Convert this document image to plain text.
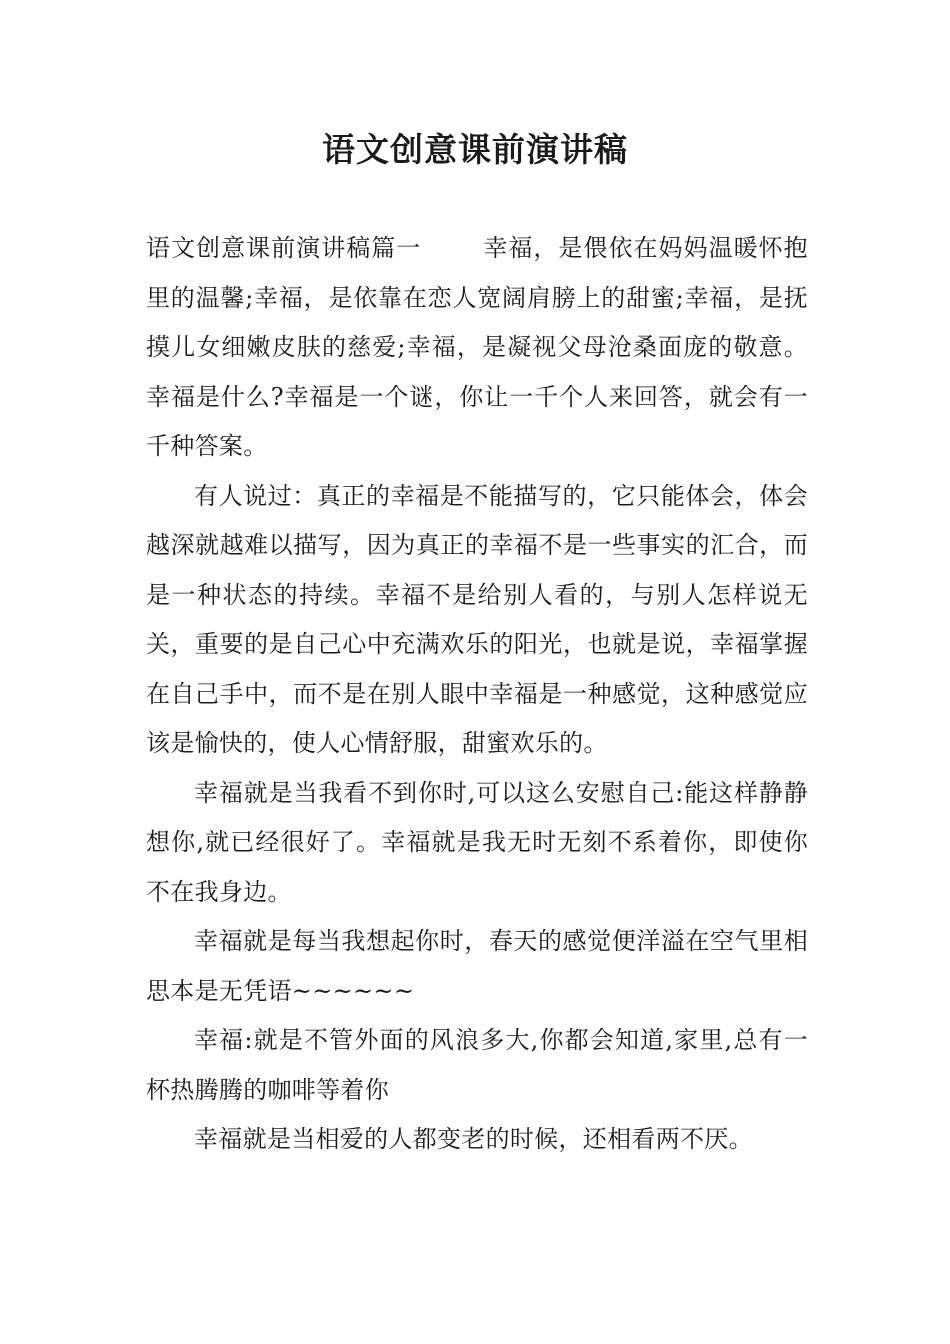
语文创意课前演讲稿

语文创意课前演讲稿篇一	幸福，是偎依在妈妈温暖怀抱里的温馨;幸福，是依靠在恋人宽阔肩膀上的甜蜜;幸福，是抚摸儿女细嫩皮肤的慈爱;幸福，是凝视父母沧桑面庞的敬意。幸福是什么?幸福是一个谜，你让一千个人来回答，就会有一千种答案。

有人说过：真正的幸福是不能描写的，它只能体会，体会越深就越难以描写，因为真正的幸福不是一些事实的汇合，而是一种状态的持续。幸福不是给别人看的，与别人怎样说无关，重要的是自己心中充满欢乐的阳光，也就是说，幸福掌握在自己手中，而不是在别人眼中幸福是一种感觉，这种感觉应该是愉快的，使人心情舒服，甜蜜欢乐的。

幸福就是当我看不到你时,可以这么安慰自己:能这样静静想你,就已经很好了。幸福就是我无时无刻不系着你，即使你不在我身边。

幸福就是每当我想起你时，春天的感觉便洋溢在空气里相思本是无凭语~~~~~~

幸福:就是不管外面的风浪多大,你都会知道,家里,总有一杯热腾腾的咖啡等着你

幸福就是当相爱的人都变老的时候，还相看两不厌。
